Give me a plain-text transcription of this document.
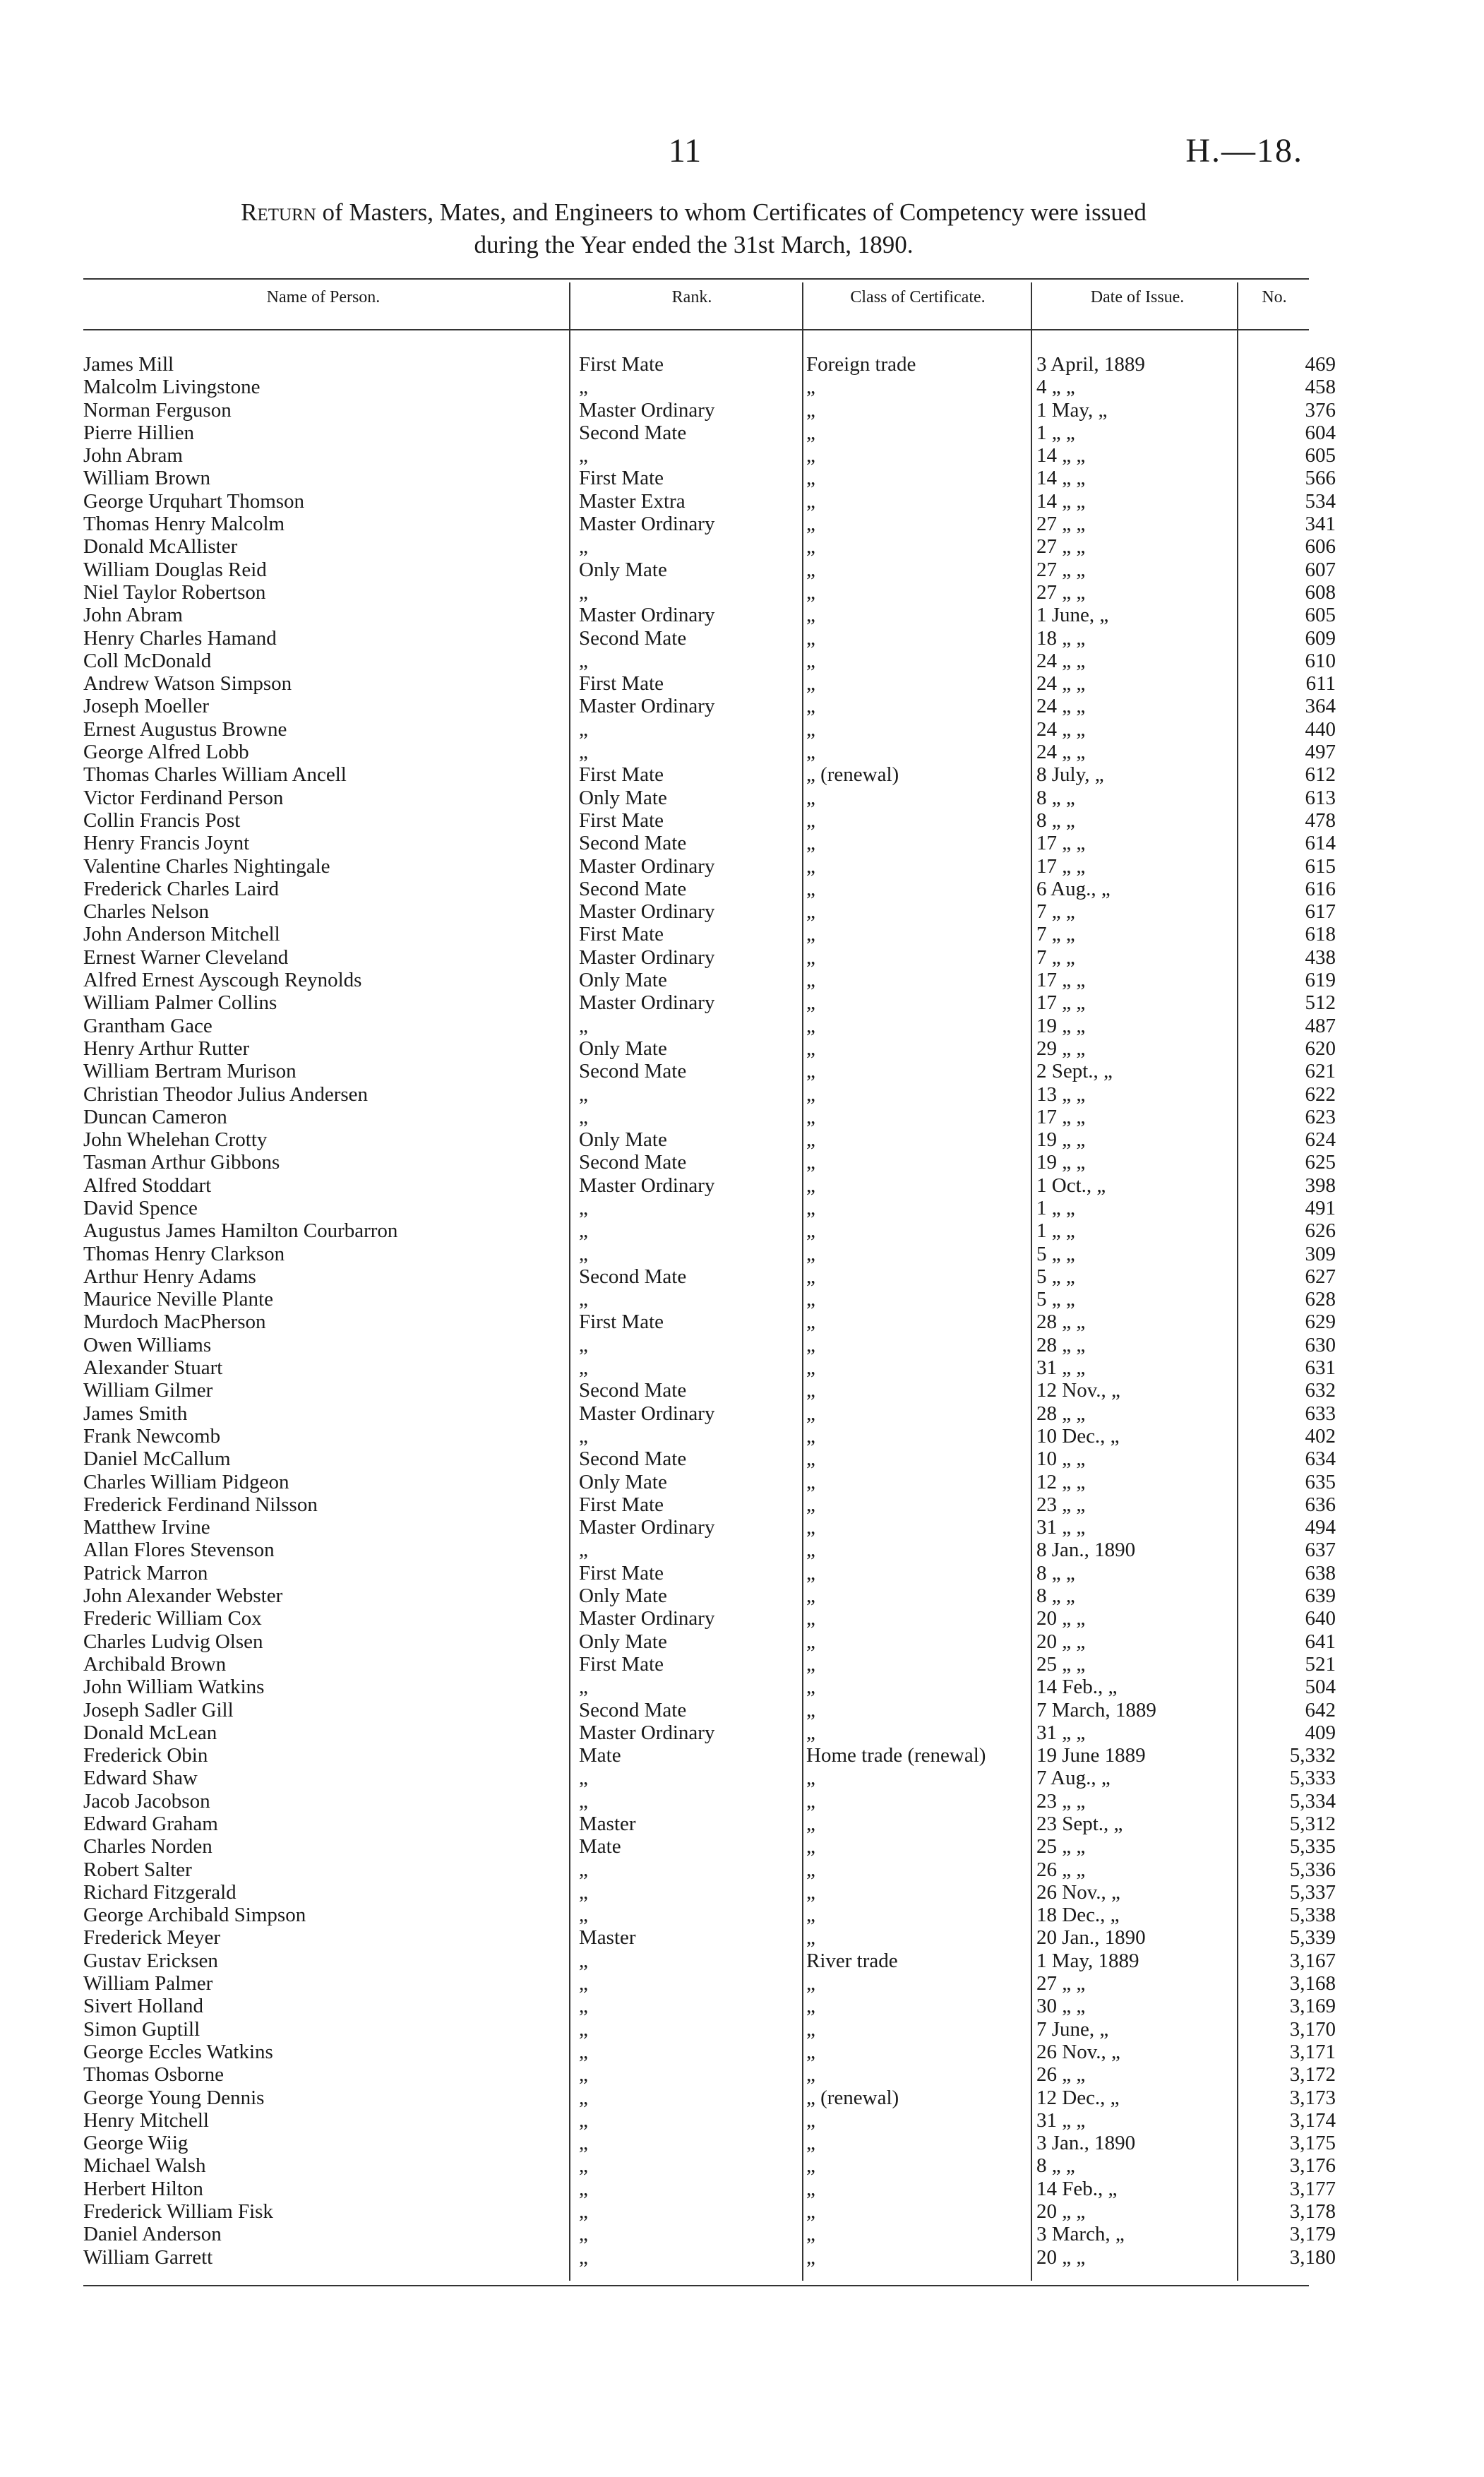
11	H.—18.
Return of Masters, Mates, and Engineers to whom Certificates of Competency were issued
during the Year ended the 31st March, 1890.
Name of Person.	Rank.	Class of Certificate.	Date of Issue.	No.
James Mill	First Mate	Foreign trade	3 April, 1889	469
Malcolm Livingstone	„	„	4 „ „	458
Norman Ferguson	Master Ordinary	„	1 May, „	376
Pierre Hillien	Second Mate	„	1 „ „	604
John Abram	„	„	14 „ „	605
William Brown	First Mate	„	14 „ „	566
George Urquhart Thomson	Master Extra	„	14 „ „	534
Thomas Henry Malcolm	Master Ordinary	„	27 „ „	341
Donald McAllister	„	„	27 „ „	606
William Douglas Reid	Only Mate	„	27 „ „	607
Niel Taylor Robertson	„	„	27 „ „	608
John Abram	Master Ordinary	„	1 June, „	605
Henry Charles Hamand	Second Mate	„	18 „ „	609
Coll McDonald	„	„	24 „ „	610
Andrew Watson Simpson	First Mate	„	24 „ „	611
Joseph Moeller	Master Ordinary	„	24 „ „	364
Ernest Augustus Browne	„	„	24 „ „	440
George Alfred Lobb	„	„	24 „ „	497
Thomas Charles William Ancell	First Mate	„ (renewal)	8 July, „	612
Victor Ferdinand Person	Only Mate	„	8 „ „	613
Collin Francis Post	First Mate	„	8 „ „	478
Henry Francis Joynt	Second Mate	„	17 „ „	614
Valentine Charles Nightingale	Master Ordinary	„	17 „ „	615
Frederick Charles Laird	Second Mate	„	6 Aug., „	616
Charles Nelson	Master Ordinary	„	7 „ „	617
John Anderson Mitchell	First Mate	„	7 „ „	618
Ernest Warner Cleveland	Master Ordinary	„	7 „ „	438
Alfred Ernest Ayscough Reynolds	Only Mate	„	17 „ „	619
William Palmer Collins	Master Ordinary	„	17 „ „	512
Grantham Gace	„	„	19 „ „	487
Henry Arthur Rutter	Only Mate	„	29 „ „	620
William Bertram Murison	Second Mate	„	2 Sept., „	621
Christian Theodor Julius Andersen	„	„	13 „ „	622
Duncan Cameron	„	„	17 „ „	623
John Whelehan Crotty	Only Mate	„	19 „ „	624
Tasman Arthur Gibbons	Second Mate	„	19 „ „	625
Alfred Stoddart	Master Ordinary	„	1 Oct., „	398
David Spence	„	„	1 „ „	491
Augustus James Hamilton Courbarron	„	„	1 „ „	626
Thomas Henry Clarkson	„	„	5 „ „	309
Arthur Henry Adams	Second Mate	„	5 „ „	627
Maurice Neville Plante	„	„	5 „ „	628
Murdoch MacPherson	First Mate	„	28 „ „	629
Owen Williams	„	„	28 „ „	630
Alexander Stuart	„	„	31 „ „	631
William Gilmer	Second Mate	„	12 Nov., „	632
James Smith	Master Ordinary	„	28 „ „	633
Frank Newcomb	„	„	10 Dec., „	402
Daniel McCallum	Second Mate	„	10 „ „	634
Charles William Pidgeon	Only Mate	„	12 „ „	635
Frederick Ferdinand Nilsson	First Mate	„	23 „ „	636
Matthew Irvine	Master Ordinary	„	31 „ „	494
Allan Flores Stevenson	„	„	8 Jan., 1890	637
Patrick Marron	First Mate	„	8 „ „	638
John Alexander Webster	Only Mate	„	8 „ „	639
Frederic William Cox	Master Ordinary	„	20 „ „	640
Charles Ludvig Olsen	Only Mate	„	20 „ „	641
Archibald Brown	First Mate	„	25 „ „	521
John William Watkins	„	„	14 Feb., „	504
Joseph Sadler Gill	Second Mate	„	7 March, 1889	642
Donald McLean	Master Ordinary	„	31 „ „	409
Frederick Obin	Mate	Home trade (renewal)	19 June 1889	5,332
Edward Shaw	„	„	7 Aug., „	5,333
Jacob Jacobson	„	„	23 „ „	5,334
Edward Graham	Master	„	23 Sept., „	5,312
Charles Norden	Mate	„	25 „ „	5,335
Robert Salter	„	„	26 „ „	5,336
Richard Fitzgerald	„	„	26 Nov., „	5,337
George Archibald Simpson	„	„	18 Dec., „	5,338
Frederick Meyer	Master	„	20 Jan., 1890	5,339
Gustav Ericksen	„	River trade	1 May, 1889	3,167
William Palmer	„	„	27 „ „	3,168
Sivert Holland	„	„	30 „ „	3,169
Simon Guptill	„	„	7 June, „	3,170
George Eccles Watkins	„	„	26 Nov., „	3,171
Thomas Osborne	„	„	26 „ „	3,172
George Young Dennis	„	„ (renewal)	12 Dec., „	3,173
Henry Mitchell	„	„	31 „ „	3,174
George Wiig	„	„	3 Jan., 1890	3,175
Michael Walsh	„	„	8 „ „	3,176
Herbert Hilton	„	„	14 Feb., „	3,177
Frederick William Fisk	„	„	20 „ „	3,178
Daniel Anderson	„	„	3 March, „	3,179
William Garrett	„	„	20 „ „	3,180
